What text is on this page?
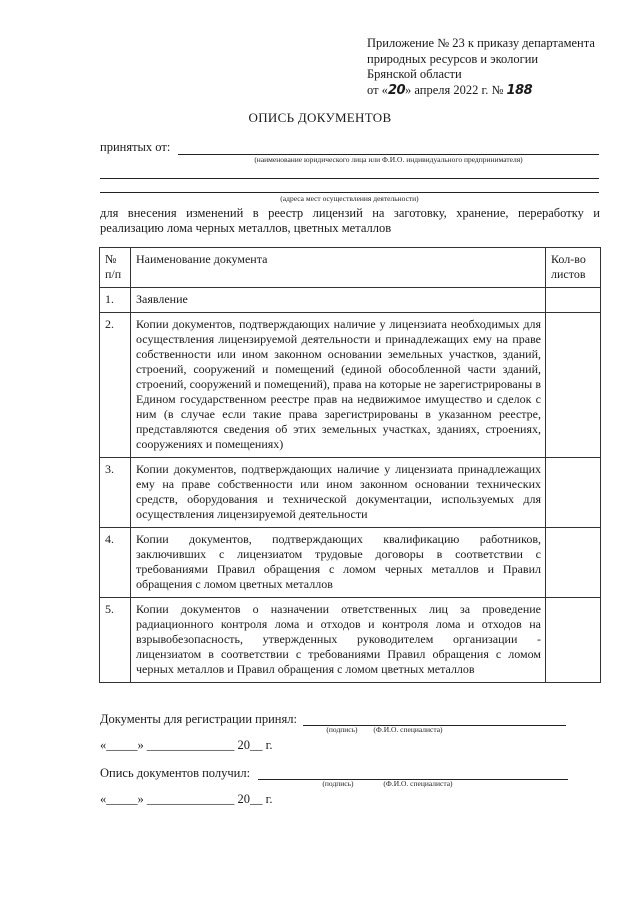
Приложение № 23 к приказу департамента
природных ресурсов и экологии
Брянской области
от «20» апреля 2022 г. № 188
ОПИСЬ ДОКУМЕНТОВ
принятых от:
(наименование юридического лица или Ф.И.О. индивидуального предпринимателя)
(адреса мест осуществления деятельности)
для внесения изменений в реестр лицензий на заготовку, хранение, переработку и реализацию лома черных металлов, цветных металлов
№ п/п	Наименование документа	Кол-во листов
1.	Заявление	
2.	Копии документов, подтверждающих наличие у лицензиата необходимых для осуществления лицензируемой деятельности и принадлежащих ему на праве собственности или ином законном основании земельных участков, зданий, строений, сооружений и помещений (единой обособленной части зданий, строений, сооружений и помещений), права на которые не зарегистрированы в Едином государственном реестре прав на недвижимое имущество и сделок с ним (в случае если такие права зарегистрированы в указанном реестре, представляются сведения об этих земельных участках, зданиях, строениях, сооружениях и помещениях)	
3.	Копии документов, подтверждающих наличие у лицензиата принадлежащих ему на праве собственности или ином законном основании технических средств, оборудования и технической документации, используемых для осуществления лицензируемой деятельности	
4.	Копии документов, подтверждающих квалификацию работников, заключивших с лицензиатом трудовые договоры в соответствии с требованиями Правил обращения с ломом черных металлов и Правил обращения с ломом цветных металлов	
5.	Копии документов о назначении ответственных лиц за проведение радиационного контроля лома и отходов и контроля лома и отходов на взрывобезопасность, утвержденных руководителем организации - лицензиатом в соответствии с требованиями Правил обращения с ломом черных металлов и Правил обращения с ломом цветных металлов	
Документы для регистрации принял:
(подпись)	(Ф.И.О. специалиста)
«_____» ______________ 20__ г.
Опись документов получил:
(подпись)	(Ф.И.О. специалиста)
«_____» ______________ 20__ г.
